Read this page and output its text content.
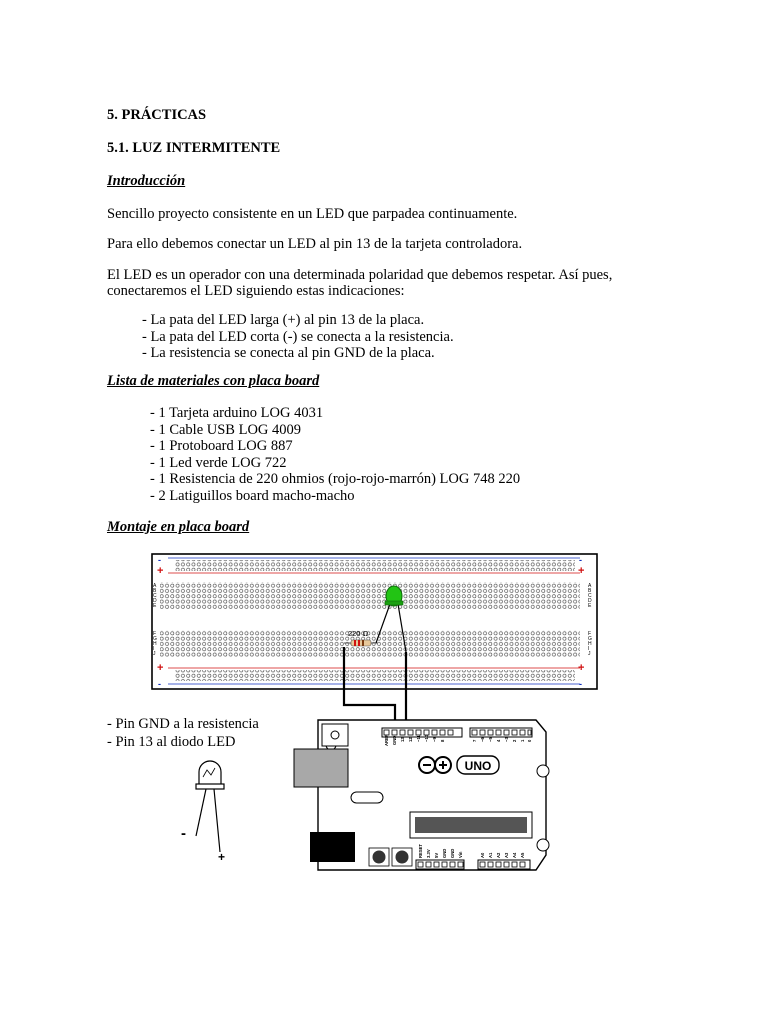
5. PRÁCTICAS
5.1. LUZ INTERMITENTE
Introducción
Sencillo proyecto consistente en un LED que parpadea continuamente.
Para ello debemos conectar un LED al pin 13 de la tarjeta controladora.
El LED es un operador con una determinada polaridad que debemos respetar. Así pues,
conectaremos el LED siguiendo estas indicaciones:
- La pata del LED larga (+) al pin 13 de la placa.
- La pata del LED corta (-) se conecta a la resistencia.
- La resistencia se conecta al pin GND de la placa.
Lista de materiales con placa board
- 1 Tarjeta arduino LOG 4031
- 1 Cable USB LOG 4009
- 1 Protoboard LOG 887
- 1 Led verde LOG 722
- 1 Resistencia de 220 ohmios (rojo-rojo-marrón) LOG 748 220
- 2 Latiguillos board macho-macho
Montaje en placa board
- Pin GND a la resistencia
- Pin 13 al diodo LED
+	+
-	-
A
B
C
D
E
A
B
C
D
E
F
G
H
I
J
F
G
H
I
J
+	+
-	-
220 Ω
AREF GND 13 12 ~11 ~10 ~9 8	7 ~6 ~5 4 ~3 2 1 0
UNO
RESET 3.3V 5V GND GND Vin	A0 A1 A2 A3 A4 A5
-
+
